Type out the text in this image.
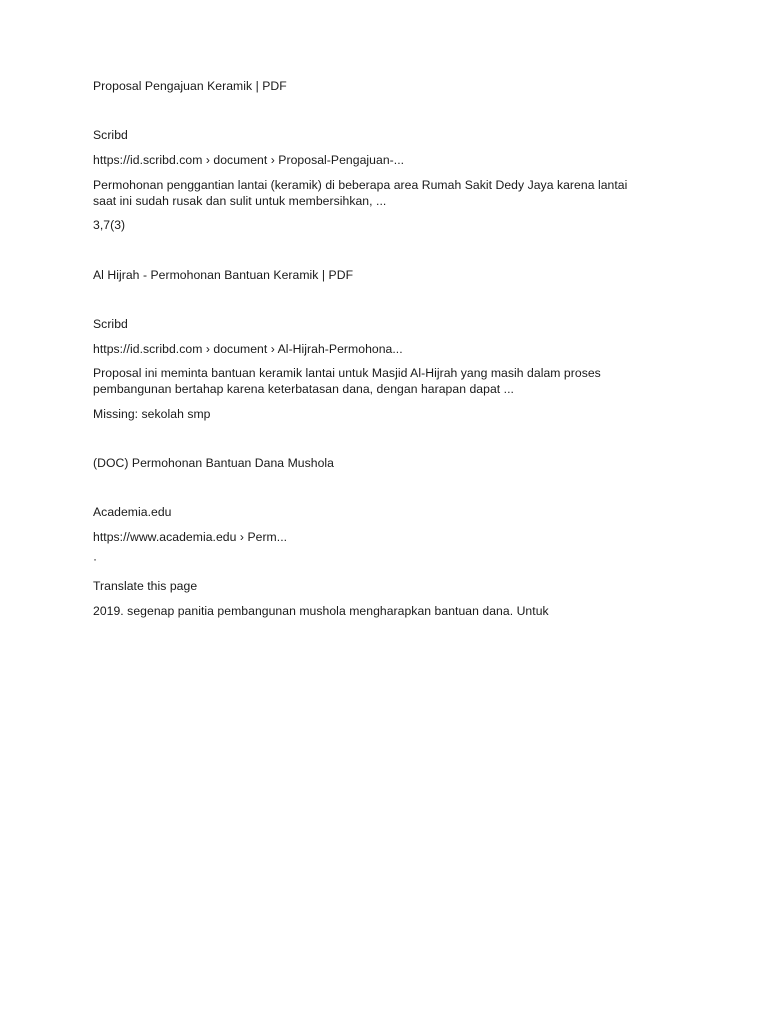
Proposal Pengajuan Keramik | PDF
Scribd
https://id.scribd.com › document › Proposal-Pengajuan-...
Permohonan penggantian lantai (keramik) di beberapa area Rumah Sakit Dedy Jaya karena lantai
saat ini sudah rusak dan sulit untuk membersihkan, ...
3,7(3)
Al Hijrah - Permohonan Bantuan Keramik | PDF
Scribd
https://id.scribd.com › document › Al-Hijrah-Permohona...
Proposal ini meminta bantuan keramik lantai untuk Masjid Al-Hijrah yang masih dalam proses
pembangunan bertahap karena keterbatasan dana, dengan harapan dapat ...
Missing: sekolah smp
(DOC) Permohonan Bantuan Dana Mushola
Academia.edu
https://www.academia.edu › Perm...
·
Translate this page
2019. segenap panitia pembangunan mushola mengharapkan bantuan dana. Untuk
